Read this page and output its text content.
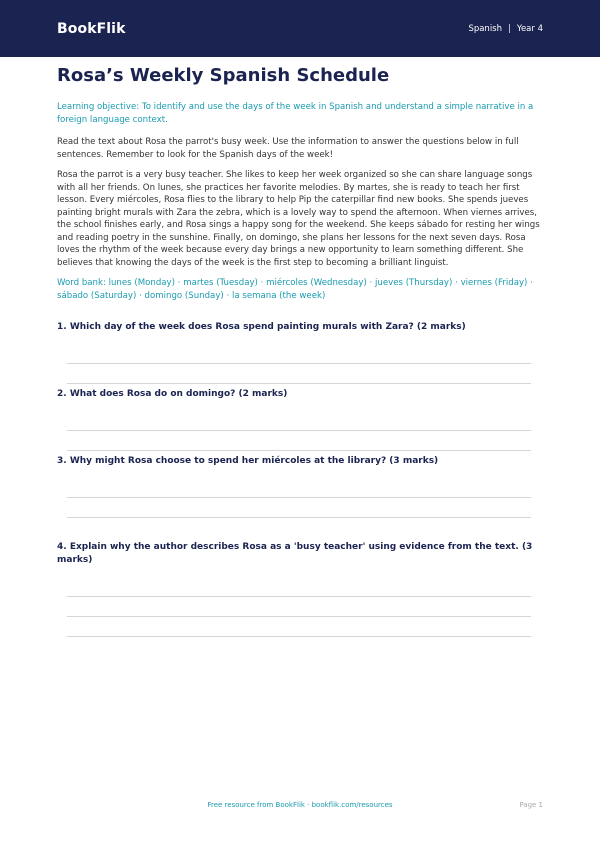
BookFlik	Spanish | Year 4
Rosa’s Weekly Spanish Schedule

Learning objective: To identify and use the days of the week in Spanish and understand a simple narrative in a foreign language context.

Read the text about Rosa the parrot's busy week. Use the information to answer the questions below in full sentences. Remember to look for the Spanish days of the week!

Rosa the parrot is a very busy teacher. She likes to keep her week organized so she can share language songs with all her friends. On lunes, she practices her favorite melodies. By martes, she is ready to teach her first lesson. Every miércoles, Rosa flies to the library to help Pip the caterpillar find new books. She spends jueves painting bright murals with Zara the zebra, which is a lovely way to spend the afternoon. When viernes arrives, the school finishes early, and Rosa sings a happy song for the weekend. She keeps sábado for resting her wings and reading poetry in the sunshine. Finally, on domingo, she plans her lessons for the next seven days. Rosa loves the rhythm of the week because every day brings a new opportunity to learn something different. She believes that knowing the days of the week is the first step to becoming a brilliant linguist.

Word bank: lunes (Monday) · martes (Tuesday) · miércoles (Wednesday) · jueves (Thursday) · viernes (Friday) · sábado (Saturday) · domingo (Sunday) · la semana (the week)

1. Which day of the week does Rosa spend painting murals with Zara? (2 marks)

2. What does Rosa do on domingo? (2 marks)

3. Why might Rosa choose to spend her miércoles at the library? (3 marks)

4. Explain why the author describes Rosa as a 'busy teacher' using evidence from the text. (3 marks)

Free resource from BookFlik · bookflik.com/resources	Page 1
